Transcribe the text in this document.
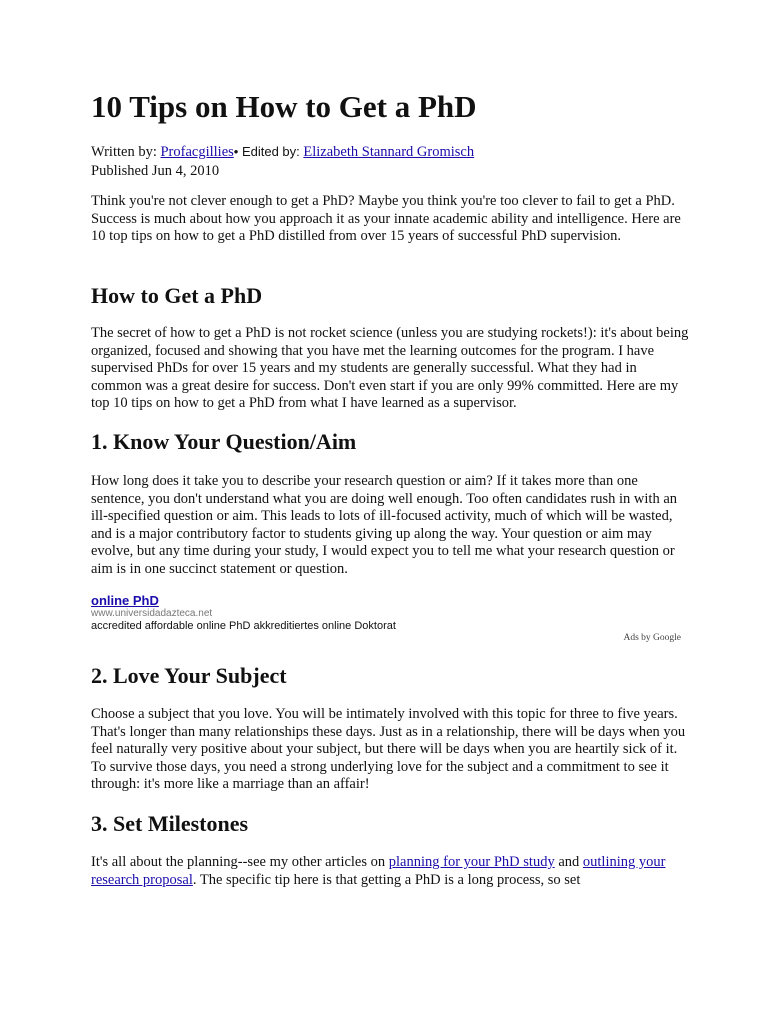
10 Tips on How to Get a PhD
Written by: Profacgillies• Edited by: Elizabeth Stannard Gromisch
Published Jun 4, 2010

Think you're not clever enough to get a PhD? Maybe you think you're too clever to fail to get a PhD. Success is much about how you approach it as your innate academic ability and intelligence. Here are 10 top tips on how to get a PhD distilled from over 15 years of successful PhD supervision.

How to Get a PhD

The secret of how to get a PhD is not rocket science (unless you are studying rockets!): it's about being organized, focused and showing that you have met the learning outcomes for the program. I have supervised PhDs for over 15 years and my students are generally successful. What they had in common was a great desire for success. Don't even start if you are only 99% committed. Here are my top 10 tips on how to get a PhD from what I have learned as a supervisor.

1. Know Your Question/Aim

How long does it take you to describe your research question or aim? If it takes more than one sentence, you don't understand what you are doing well enough. Too often candidates rush in with an ill-specified question or aim. This leads to lots of ill-focused activity, much of which will be wasted, and is a major contributory factor to students giving up along the way. Your question or aim may evolve, but any time during your study, I would expect you to tell me what your research question or aim is in one succinct statement or question.

online PhD
www.universidadazteca.net
accredited affordable online PhD akkreditiertes online Doktorat
Ads by Google
2. Love Your Subject

Choose a subject that you love. You will be intimately involved with this topic for three to five years. That's longer than many relationships these days. Just as in a relationship, there will be days when you feel naturally very positive about your subject, but there will be days when you are heartily sick of it. To survive those days, you need a strong underlying love for the subject and a commitment to see it through: it's more like a marriage than an affair!

3. Set Milestones

It's all about the planning--see my other articles on planning for your PhD study and outlining your research proposal. The specific tip here is that getting a PhD is a long process, so set
